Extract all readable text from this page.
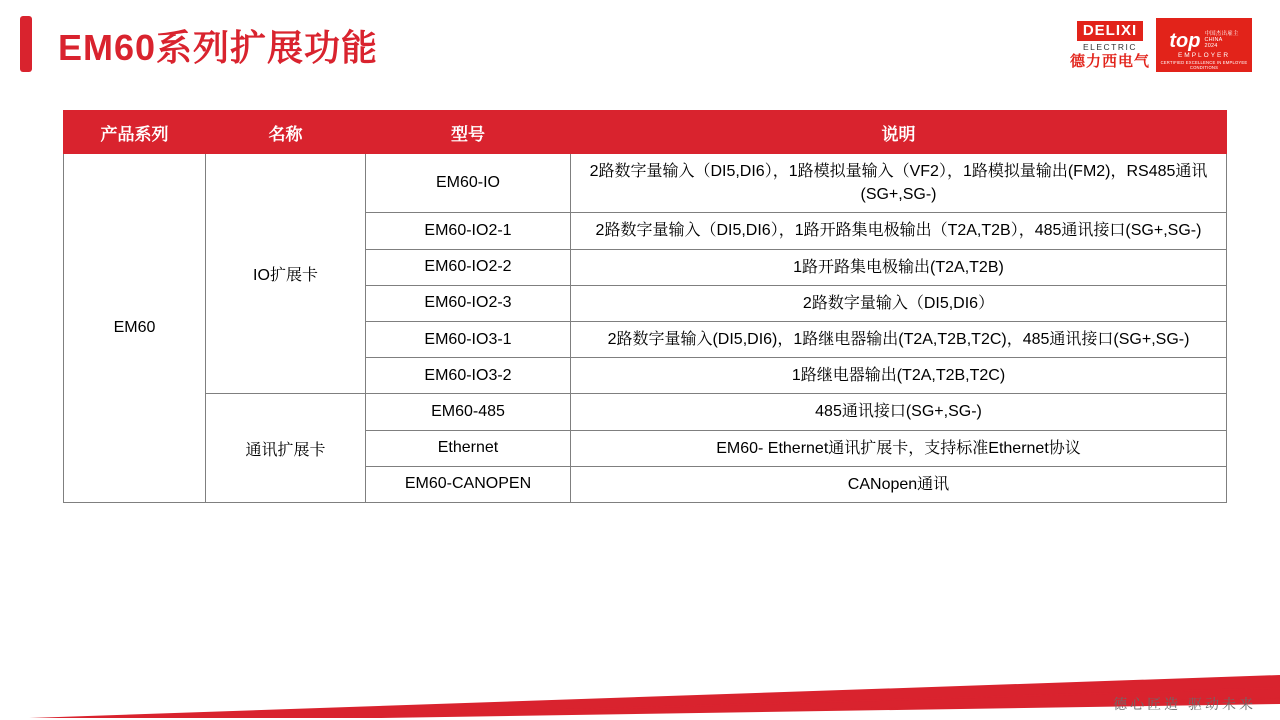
EM60系列扩展功能	DELIXI
ELECTRIC
德力西电气
top 中国杰出雇主
CHINA
2024
EMPLOYER
CERTIFIED EXCELLENCE IN EMPLOYEE CONDITIONS
产品系列	名称	型号	说明
EM60	IO扩展卡	EM60-IO	2路数字量输入（DI5,DI6），1路模拟量输入（VF2），1路模拟量输出(FM2)，RS485通讯(SG+,SG-)
		EM60-IO2-1	2路数字量输入（DI5,DI6），1路开路集电极输出（T2A,T2B），485通讯接口(SG+,SG-)
		EM60-IO2-2	1路开路集电极输出(T2A,T2B)
		EM60-IO2-3	2路数字量输入（DI5,DI6）
		EM60-IO3-1	2路数字量输入(DI5,DI6)，1路继电器输出(T2A,T2B,T2C)，485通讯接口(SG+,SG-)
		EM60-IO3-2	1路继电器输出(T2A,T2B,T2C)
	通讯扩展卡	EM60-485	485通讯接口(SG+,SG-)
		Ethernet	EM60- Ethernet通讯扩展卡，支持标准Ethernet协议
		EM60-CANOPEN	CANopen通讯
德心匠造 驱动未来
